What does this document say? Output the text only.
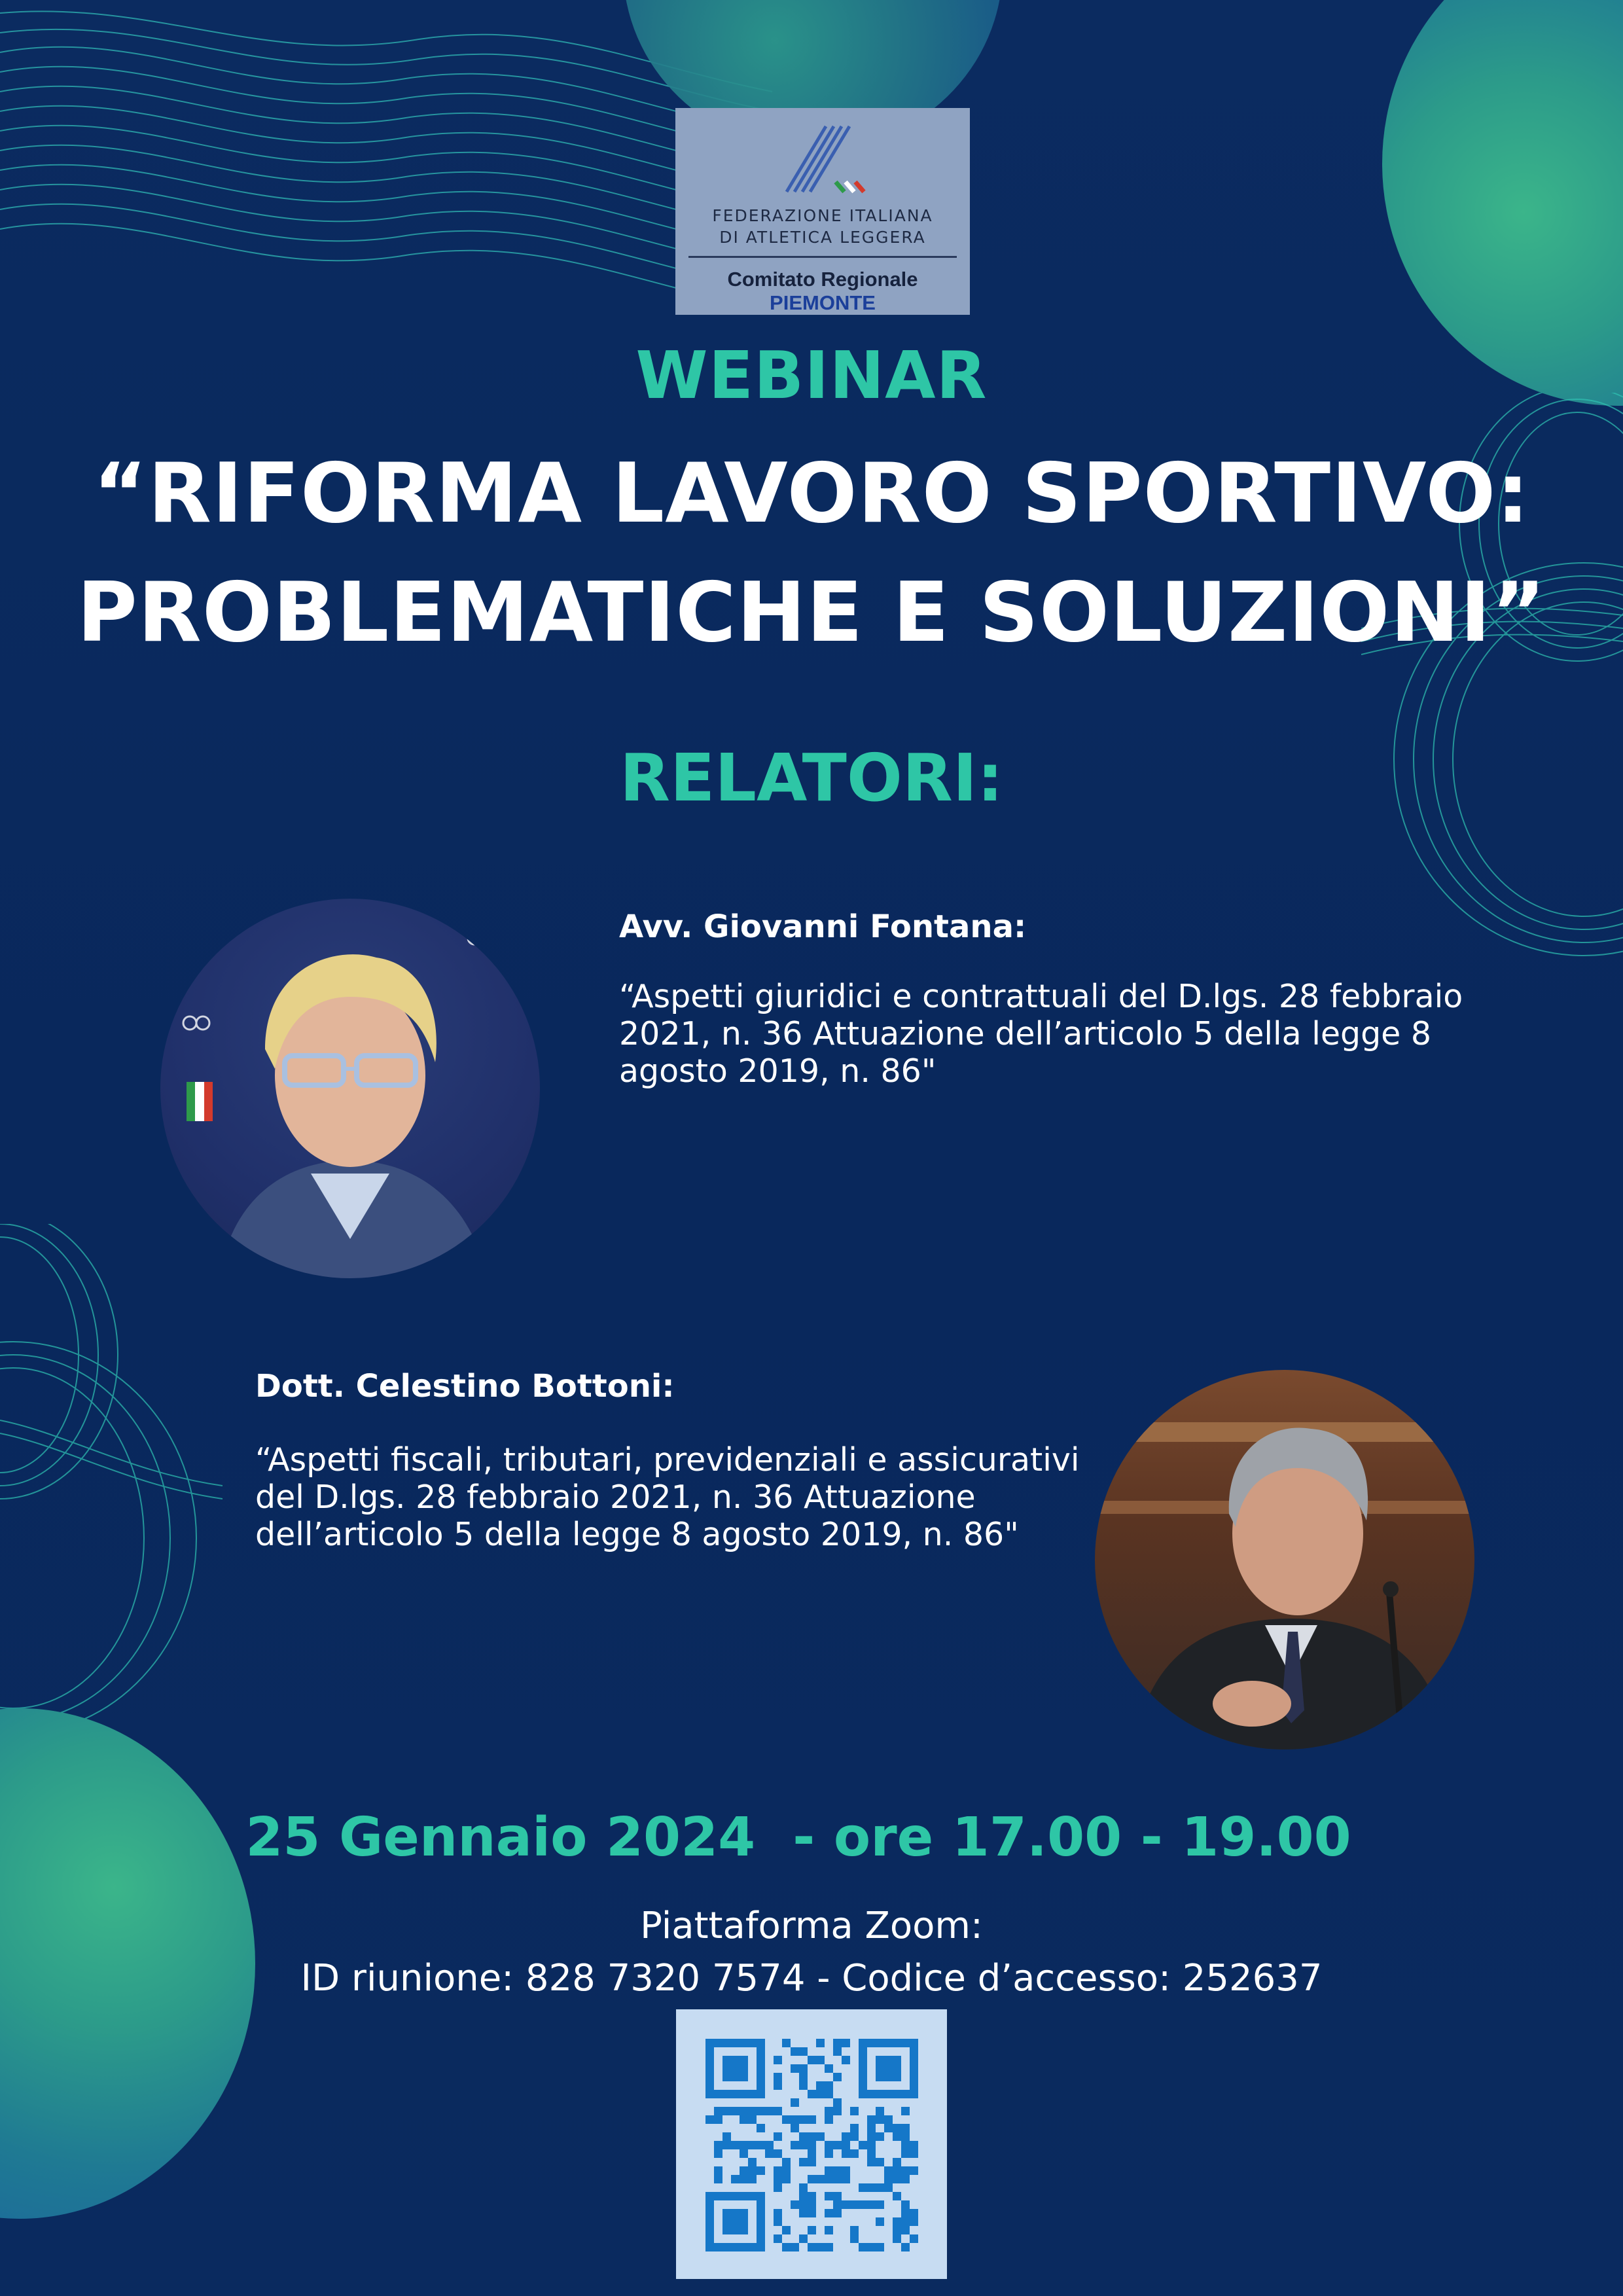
FEDERAZIONE ITALIANA
DI ATLETICA LEGGERA
Comitato Regionale PIEMONTE
WEBINAR
“RIFORMA LAVORO SPORTIVO:
PROBLEMATICHE E SOLUZIONI”
RELATORI:
Avv. Giovanni Fontana:
“Aspetti giuridici e contrattuali del D.lgs. 28 febbraio 2021, n. 36 Attuazione dell’articolo 5 della legge 8 agosto 2019, n. 86"
Dott. Celestino Bottoni:
“Aspetti fiscali, tributari, previdenziali e assicurativi del D.lgs. 28 febbraio 2021, n. 36 Attuazione dell’articolo 5 della legge 8 agosto 2019, n. 86"
25 Gennaio 2024  - ore 17.00 - 19.00
Piattaforma Zoom:
ID riunione: 828 7320 7574 - Codice d’accesso: 252637
